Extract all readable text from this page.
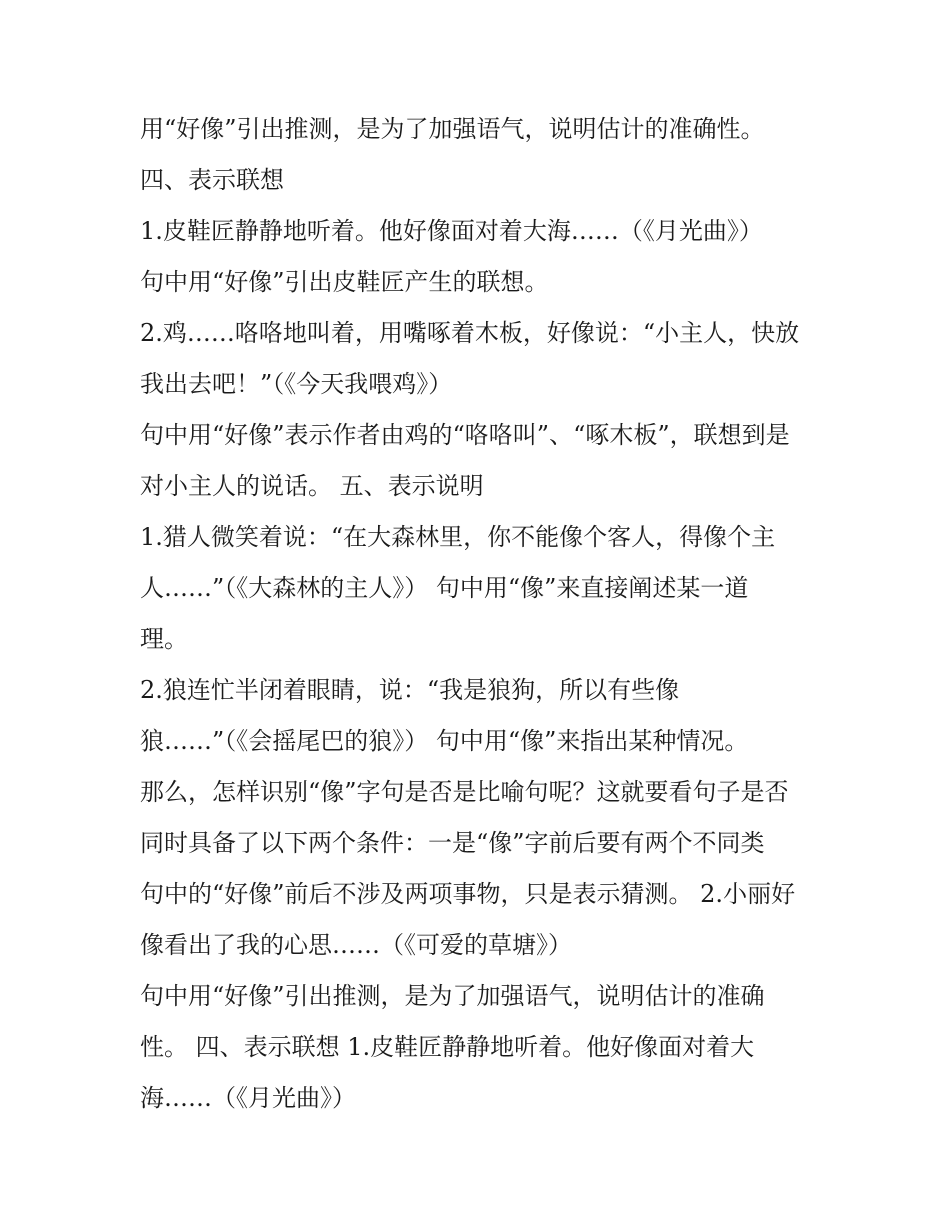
用“好像”引出推测，是为了加强语气，说明估计的准确性。
四、表示联想
1.皮鞋匠静静地听着。他好像面对着大海……（《月光曲》）
句中用“好像”引出皮鞋匠产生的联想。
2.鸡……咯咯地叫着，用嘴啄着木板，好像说：“小主人，快放
我出去吧！”（《今天我喂鸡》）
句中用“好像”表示作者由鸡的“咯咯叫”、“啄木板”，联想到是
对小主人的说话。 五、表示说明
1.猎人微笑着说：“在大森林里，你不能像个客人，得像个主
人……”（《大森林的主人》） 句中用“像”来直接阐述某一道
理。
2.狼连忙半闭着眼睛，说：“我是狼狗，所以有些像
狼……”（《会摇尾巴的狼》） 句中用“像”来指出某种情况。
那么，怎样识别“像”字句是否是比喻句呢？这就要看句子是否
同时具备了以下两个条件：一是“像”字前后要有两个不同类
句中的“好像”前后不涉及两项事物，只是表示猜测。 2.小丽好
像看出了我的心思……（《可爱的草塘》）
句中用“好像”引出推测，是为了加强语气，说明估计的准确
性。 四、表示联想 1.皮鞋匠静静地听着。他好像面对着大
海……（《月光曲》）
